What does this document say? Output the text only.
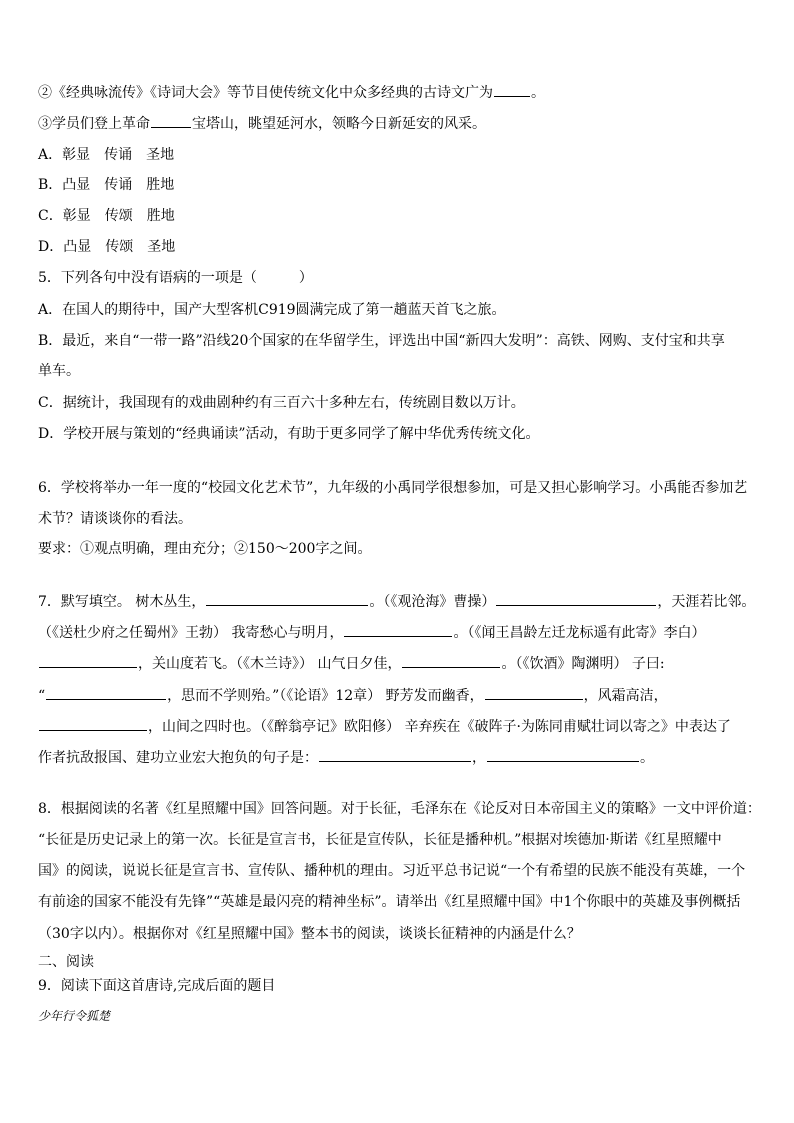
②《经典咏流传》《诗词大会》等节目使传统文化中众多经典的古诗文广为	。
③学员们登上革命	宝塔山，眺望延河水，领略今日新延安的风采。
A．彰显　传诵　圣地
B．凸显　传诵　胜地
C．彰显　传颂　胜地
D．凸显　传颂　圣地
5．下列各句中没有语病的一项是（　　　）
A．在国人的期待中，国产大型客机C919圆满完成了第一趟蓝天首飞之旅。
B．最近，来自“一带一路”沿线20个国家的在华留学生，评选出中国“新四大发明”：高铁、网购、支付宝和共享
单车。
C．据统计，我国现有的戏曲剧种约有三百六十多种左右，传统剧目数以万计。
D．学校开展与策划的“经典诵读”活动，有助于更多同学了解中华优秀传统文化。
6．学校将举办一年一度的“校园文化艺术节”，九年级的小禹同学很想参加，可是又担心影响学习。小禹能否参加艺
术节？请谈谈你的看法。
要求：①观点明确，理由充分；②150～200字之间。
7．默写填空。 树木丛生，	。（《观沧海》曹操）	，天涯若比邻。
（《送杜少府之任蜀州》王勃） 我寄愁心与明月，	。（《闻王昌龄左迁龙标遥有此寄》李白）
，关山度若飞。（《木兰诗》） 山气日夕佳，	。（《饮酒》陶渊明） 子曰:
“	，思而不学则殆。”（《论语》12章） 野芳发而幽香，	，风霜高洁，
，山间之四时也。（《醉翁亭记》欧阳修） 辛弃疾在《破阵子·为陈同甫赋壮词以寄之》中表达了
作者抗敌报国、建功立业宏大抱负的句子是：	，	。
8．根据阅读的名著《红星照耀中国》回答问题。对于长征，毛泽东在《论反对日本帝国主义的策略》一文中评价道：
“长征是历史记录上的第一次。长征是宣言书，长征是宣传队，长征是播种机。”根据对埃德加·斯诺《红星照耀中
国》的阅读，说说长征是宣言书、宣传队、播种机的理由。习近平总书记说“一个有希望的民族不能没有英雄，一个
有前途的国家不能没有先锋”“英雄是最闪亮的精神坐标”。请举出《红星照耀中国》中1个你眼中的英雄及事例概括
（30字以内）。根据你对《红星照耀中国》整本书的阅读，谈谈长征精神的内涵是什么？
二、阅读
9．阅读下面这首唐诗,完成后面的题目
少年行令狐楚
